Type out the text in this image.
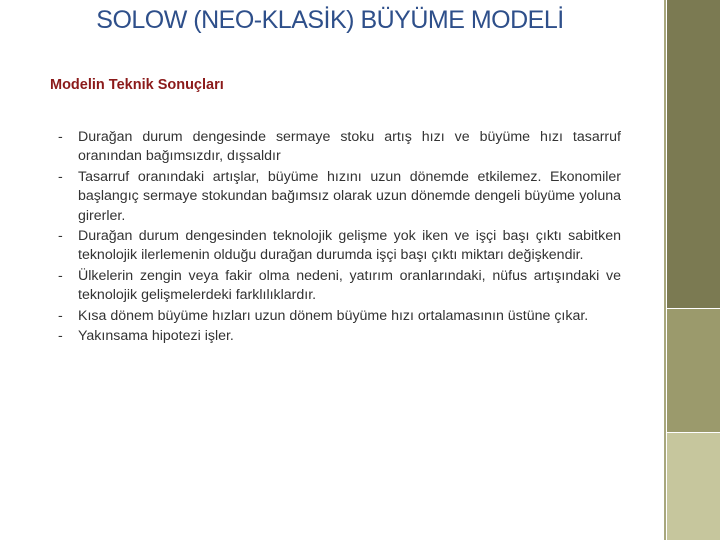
SOLOW (NEO-KLASİK) BÜYÜME MODELİ
Modelin Teknik Sonuçları
- Durağan durum dengesinde sermaye stoku artış hızı ve büyüme hızı tasarruf oranından bağımsızdır, dışsaldır
- Tasarruf oranındaki artışlar, büyüme hızını uzun dönemde etkilemez. Ekonomiler başlangıç sermaye stokundan bağımsız olarak uzun dönemde dengeli büyüme yoluna girerler.
- Durağan durum dengesinden teknolojik gelişme yok iken ve işçi başı çıktı sabitken teknolojik ilerlemenin olduğu durağan durumda işçi başı çıktı miktarı değişkendir.
- Ülkelerin zengin veya fakir olma nedeni, yatırım oranlarındaki, nüfus artışındaki ve teknolojik gelişmelerdeki farklılıklardır.
- Kısa dönem büyüme hızları uzun dönem büyüme hızı ortalamasının üstüne çıkar.
- Yakınsama hipotezi işler.
